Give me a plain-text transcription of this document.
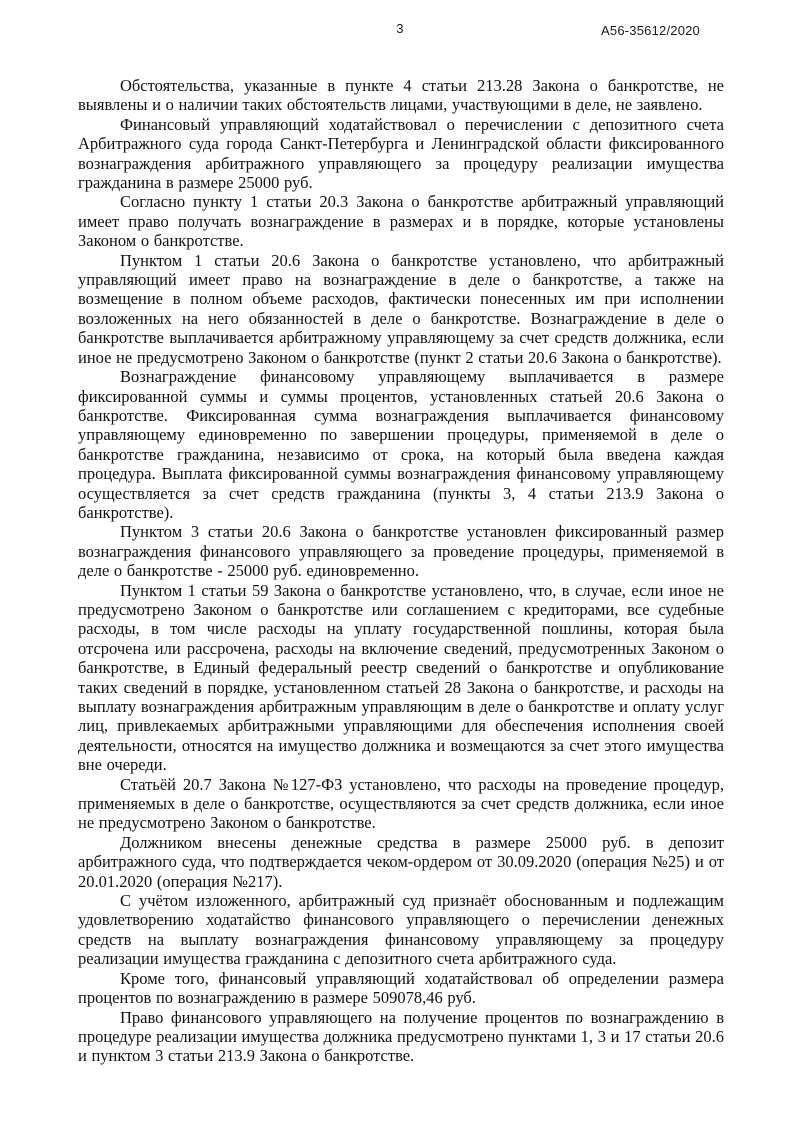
3	А56-35612/2020

Обстоятельства, указанные в пункте 4 статьи 213.28 Закона о банкротстве, не выявлены и о наличии таких обстоятельств лицами, участвующими в деле, не заявлено.

Финансовый управляющий ходатайствовал о перечислении с депозитного счета Арбитражного суда города Санкт-Петербурга и Ленинградской области фиксированного вознаграждения арбитражного управляющего за процедуру реализации имущества гражданина в размере 25000 руб.

Согласно пункту 1 статьи 20.3 Закона о банкротстве арбитражный управляющий имеет право получать вознаграждение в размерах и в порядке, которые установлены Законом о банкротстве.

Пунктом 1 статьи 20.6 Закона о банкротстве установлено, что арбитражный управляющий имеет право на вознаграждение в деле о банкротстве, а также на возмещение в полном объеме расходов, фактически понесенных им при исполнении возложенных на него обязанностей в деле о банкротстве. Вознаграждение в деле о банкротстве выплачивается арбитражному управляющему за счет средств должника, если иное не предусмотрено Законом о банкротстве (пункт 2 статьи 20.6 Закона о банкротстве).

Вознаграждение финансовому управляющему выплачивается в размере фиксированной суммы и суммы процентов, установленных статьей 20.6 Закона о банкротстве. Фиксированная сумма вознаграждения выплачивается финансовому управляющему единовременно по завершении процедуры, применяемой в деле о банкротстве гражданина, независимо от срока, на который была введена каждая процедура. Выплата фиксированной суммы вознаграждения финансовому управляющему осуществляется за счет средств гражданина (пункты 3, 4 статьи 213.9 Закона о банкротстве).

Пунктом 3 статьи 20.6 Закона о банкротстве установлен фиксированный размер вознаграждения финансового управляющего за проведение процедуры, применяемой в деле о банкротстве - 25000 руб. единовременно.

Пунктом 1 статьи 59 Закона о банкротстве установлено, что, в случае, если иное не предусмотрено Законом о банкротстве или соглашением с кредиторами, все судебные расходы, в том числе расходы на уплату государственной пошлины, которая была отсрочена или рассрочена, расходы на включение сведений, предусмотренных Законом о банкротстве, в Единый федеральный реестр сведений о банкротстве и опубликование таких сведений в порядке, установленном статьей 28 Закона о банкротстве, и расходы на выплату вознаграждения арбитражным управляющим в деле о банкротстве и оплату услуг лиц, привлекаемых арбитражными управляющими для обеспечения исполнения своей деятельности, относятся на имущество должника и возмещаются за счет этого имущества вне очереди.

Статьёй 20.7 Закона №127-ФЗ установлено, что расходы на проведение процедур, применяемых в деле о банкротстве, осуществляются за счет средств должника, если иное не предусмотрено Законом о банкротстве.

Должником внесены денежные средства в размере 25000 руб. в депозит арбитражного суда, что подтверждается чеком-ордером от 30.09.2020 (операция №25) и от 20.01.2020 (операция №217).

С учётом изложенного, арбитражный суд признаёт обоснованным и подлежащим удовлетворению ходатайство финансового управляющего о перечислении денежных средств на выплату вознаграждения финансовому управляющему за процедуру реализации имущества гражданина с депозитного счета арбитражного суда.

Кроме того, финансовый управляющий ходатайствовал об определении размера процентов по вознаграждению в размере 509078,46 руб.

Право финансового управляющего на получение процентов по вознаграждению в процедуре реализации имущества должника предусмотрено пунктами 1, 3 и 17 статьи 20.6 и пунктом 3 статьи 213.9 Закона о банкротстве.
